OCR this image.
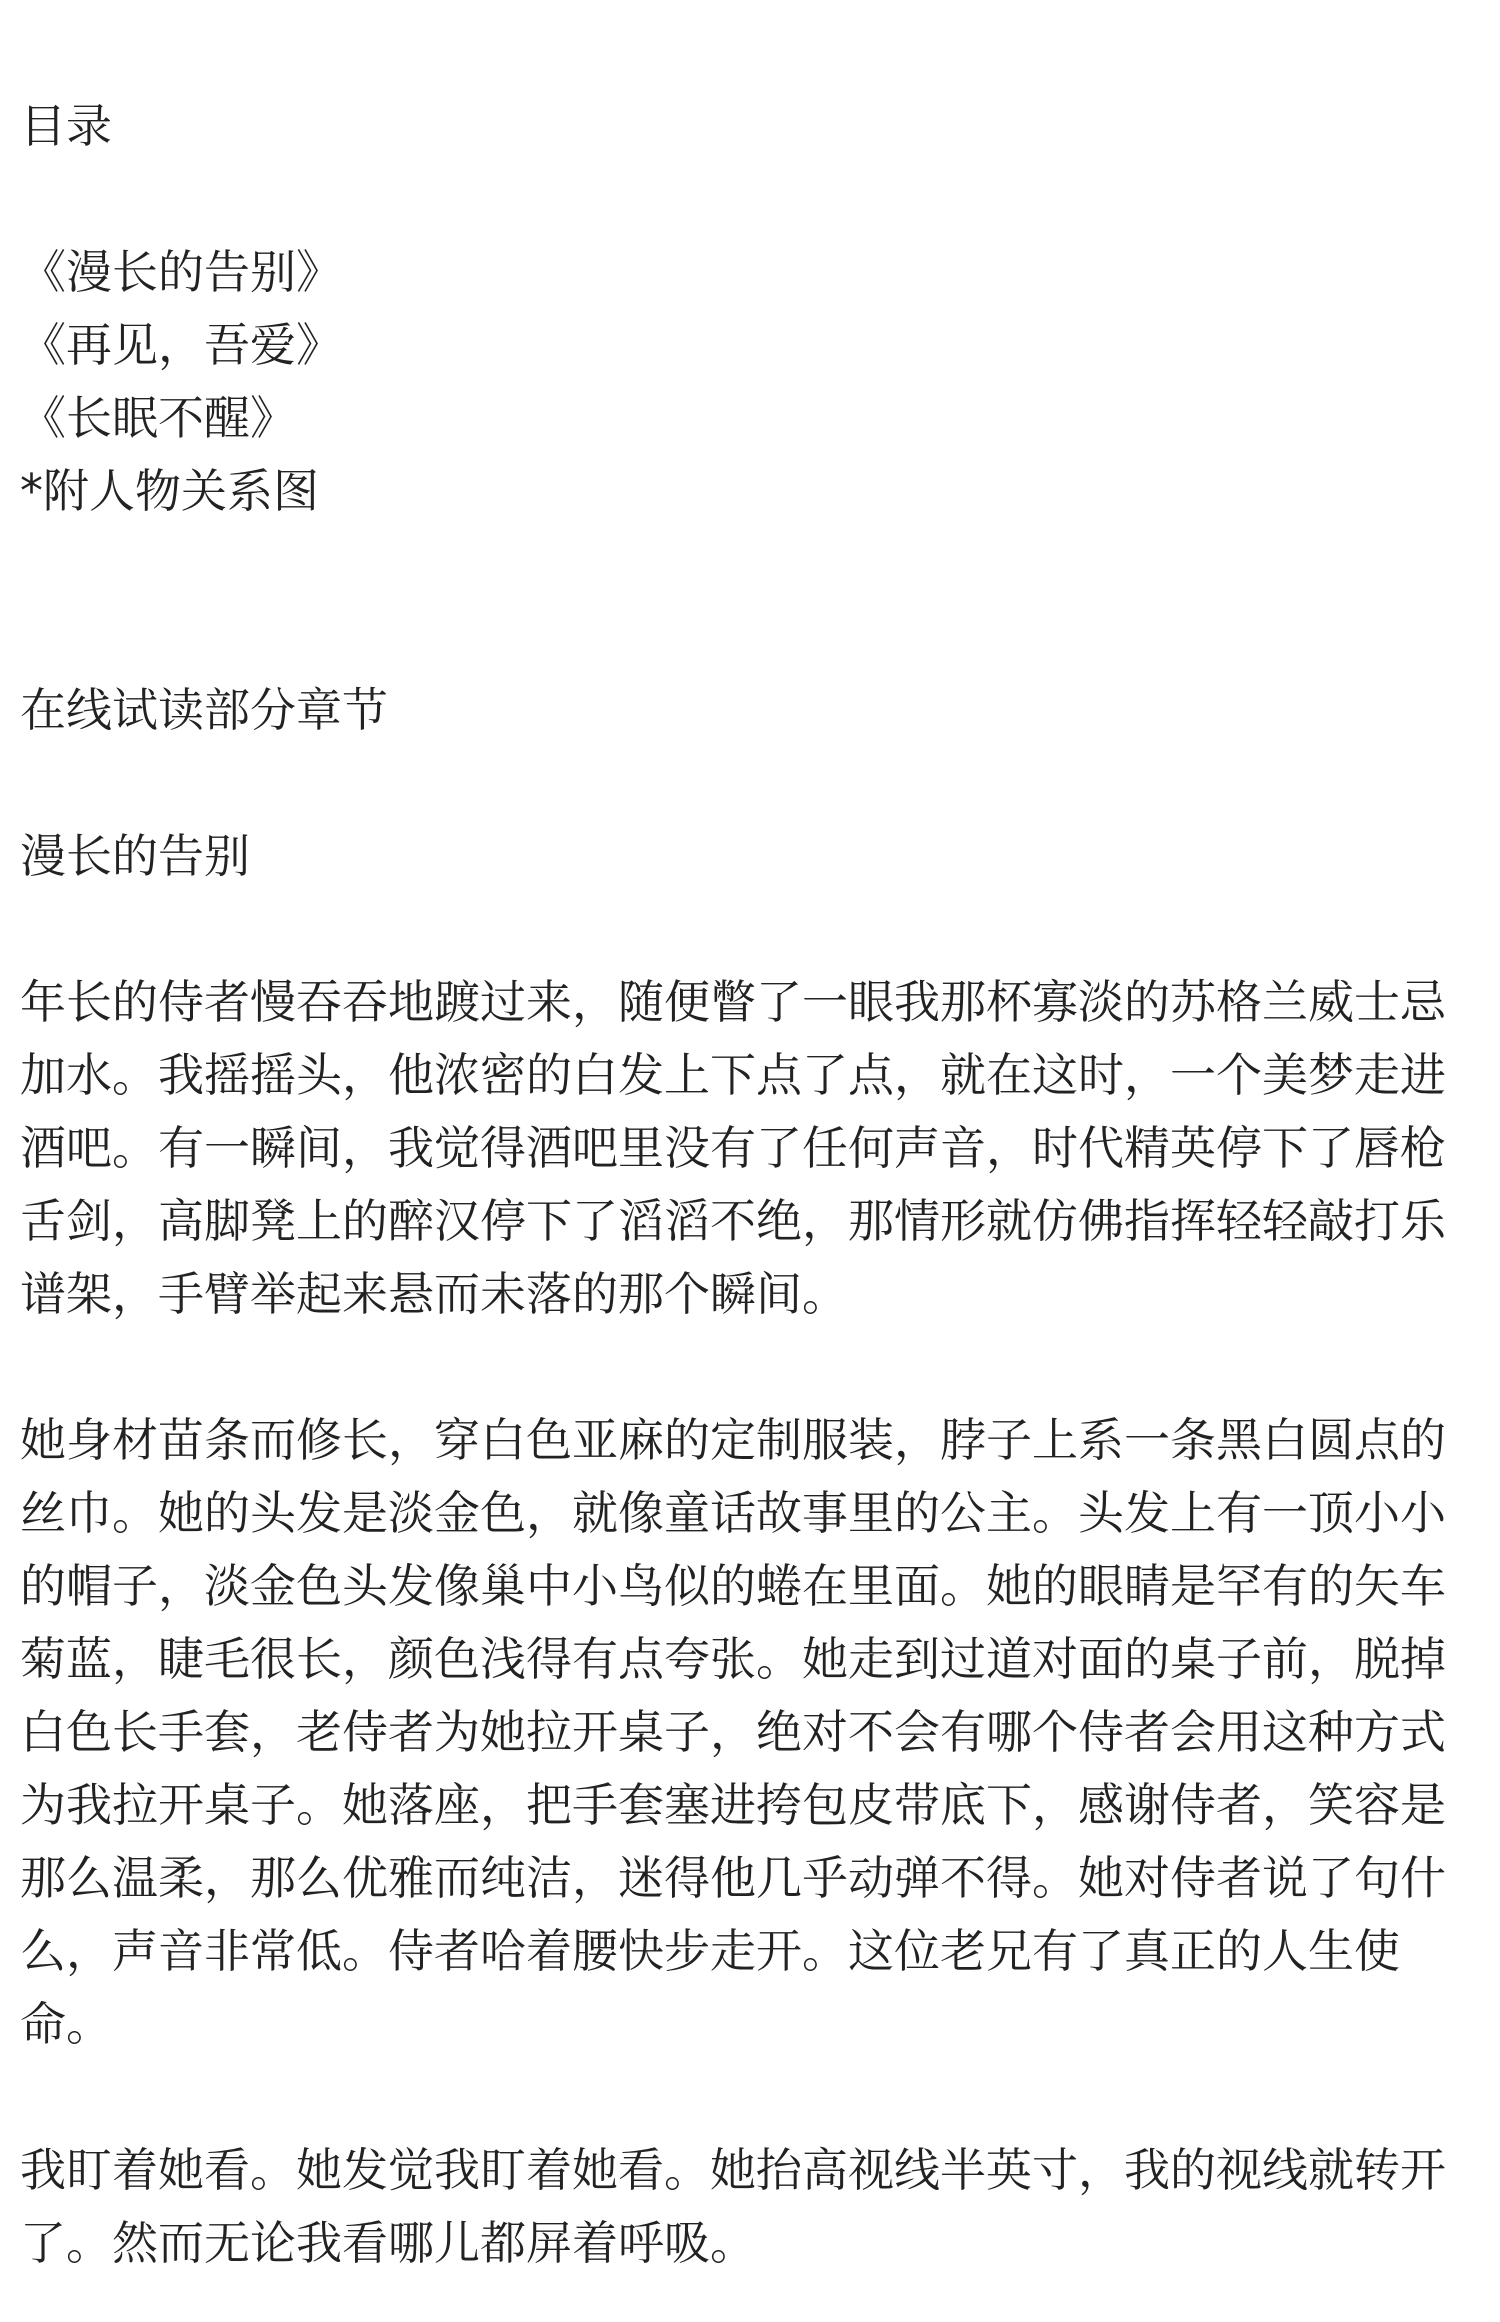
目录
《漫长的告别》
《再见，吾爱》
《长眠不醒》
*附人物关系图
在线试读部分章节
漫长的告别

年长的侍者慢吞吞地踱过来，随便瞥了一眼我那杯寡淡的苏格兰威士忌加水。我摇摇头，他浓密的白发上下点了点，就在这时，一个美梦走进酒吧。有一瞬间，我觉得酒吧里没有了任何声音，时代精英停下了唇枪舌剑，高脚凳上的醉汉停下了滔滔不绝，那情形就仿佛指挥轻轻敲打乐谱架，手臂举起来悬而未落的那个瞬间。

她身材苗条而修长，穿白色亚麻的定制服装，脖子上系一条黑白圆点的丝巾。她的头发是淡金色，就像童话故事里的公主。头发上有一顶小小的帽子，淡金色头发像巢中小鸟似的蜷在里面。她的眼睛是罕有的矢车菊蓝，睫毛很长，颜色浅得有点夸张。她走到过道对面的桌子前，脱掉白色长手套，老侍者为她拉开桌子，绝对不会有哪个侍者会用这种方式为我拉开桌子。她落座，把手套塞进挎包皮带底下，感谢侍者，笑容是那么温柔，那么优雅而纯洁，迷得他几乎动弹不得。她对侍者说了句什么，声音非常低。侍者哈着腰快步走开。这位老兄有了真正的人生使命。

我盯着她看。她发觉我盯着她看。她抬高视线半英寸，我的视线就转开了。然而无论我看哪儿都屏着呼吸。
